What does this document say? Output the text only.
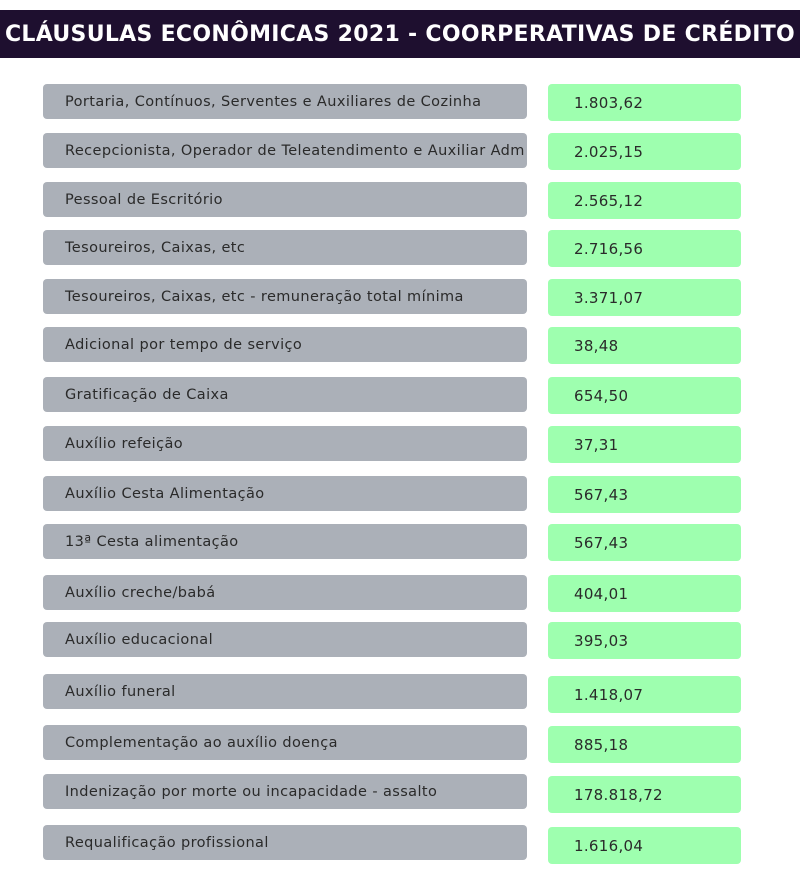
CLÁUSULAS ECONÔMICAS 2021 - COORPERATIVAS DE CRÉDITO
Portaria, Contínuos, Serventes e Auxiliares de Cozinha	1.803,62
Recepcionista, Operador de Teleatendimento e Auxiliar Adm	2.025,15
Pessoal de Escritório	2.565,12
Tesoureiros, Caixas, etc	2.716,56
Tesoureiros, Caixas, etc - remuneração total mínima	3.371,07
Adicional por tempo de serviço	38,48
Gratificação de Caixa	654,50
Auxílio refeição	37,31
Auxílio Cesta Alimentação	567,43
13ª Cesta alimentação	567,43
Auxílio creche/babá	404,01
Auxílio educacional	395,03
Auxílio funeral	1.418,07
Complementação ao auxílio doença	885,18
Indenização por morte ou incapacidade - assalto	178.818,72
Requalificação profissional	1.616,04
